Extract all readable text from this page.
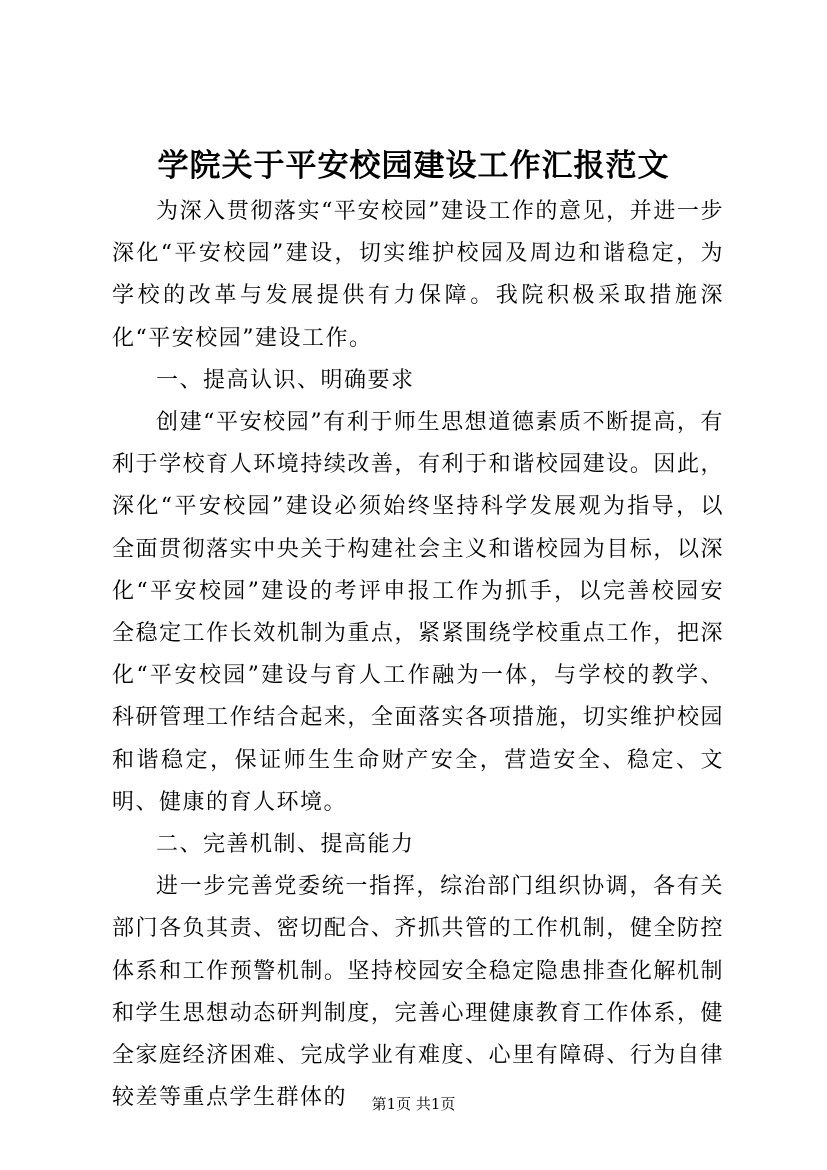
学院关于平安校园建设工作汇报范文

为深入贯彻落实“平安校园”建设工作的意见，并进一步深化“平安校园”建设，切实维护校园及周边和谐稳定，为学校的改革与发展提供有力保障。我院积极采取措施深化“平安校园”建设工作。

一、提高认识、明确要求

创建“平安校园”有利于师生思想道德素质不断提高，有利于学校育人环境持续改善，有利于和谐校园建设。因此，深化“平安校园”建设必须始终坚持科学发展观为指导，以全面贯彻落实中央关于构建社会主义和谐校园为目标，以深化“平安校园”建设的考评申报工作为抓手，以完善校园安全稳定工作长效机制为重点，紧紧围绕学校重点工作，把深化“平安校园”建设与育人工作融为一体，与学校的教学、科研管理工作结合起来，全面落实各项措施，切实维护校园和谐稳定，保证师生生命财产安全，营造安全、稳定、文明、健康的育人环境。

二、完善机制、提高能力

进一步完善党委统一指挥，综治部门组织协调，各有关部门各负其责、密切配合、齐抓共管的工作机制，健全防控体系和工作预警机制。坚持校园安全稳定隐患排查化解机制和学生思想动态研判制度，完善心理健康教育工作体系，健全家庭经济困难、完成学业有难度、心里有障碍、行为自律较差等重点学生群体的	第1页 共1页
